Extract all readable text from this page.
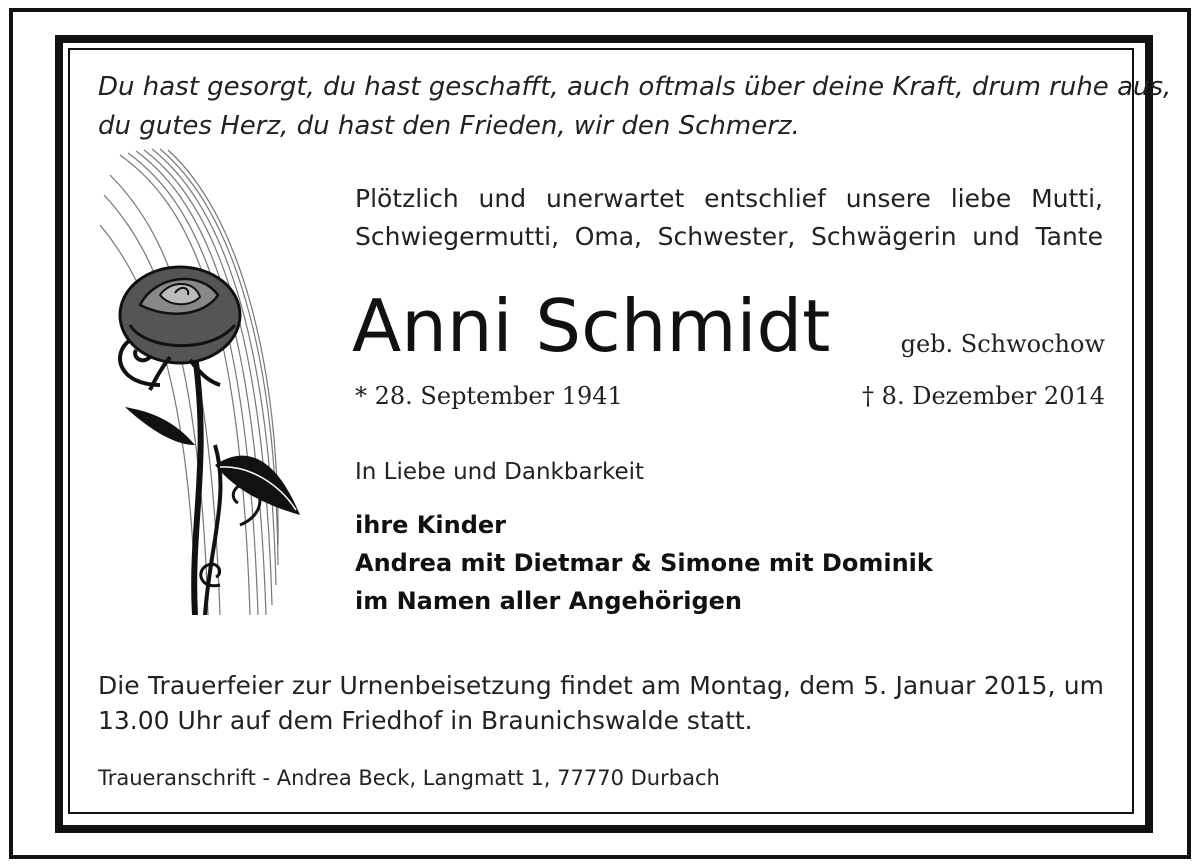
Du hast gesorgt, du hast geschafft, auch oftmals über deine Kraft, drum ruhe aus,
du gutes Herz, du hast den Frieden, wir den Schmerz.
Plötzlich und unerwartet entschlief unsere liebe Mutti,
Schwiegermutti, Oma, Schwester, Schwägerin und Tante
Anni Schmidt	geb. Schwochow
* 28. September 1941	† 8. Dezember 2014
In Liebe und Dankbarkeit
ihre Kinder
Andrea mit Dietmar & Simone mit Dominik
im Namen aller Angehörigen
Die Trauerfeier zur Urnenbeisetzung findet am Montag, dem 5. Januar 2015, um
13.00 Uhr auf dem Friedhof in Braunichswalde statt.
Traueranschrift - Andrea Beck, Langmatt 1, 77770 Durbach
